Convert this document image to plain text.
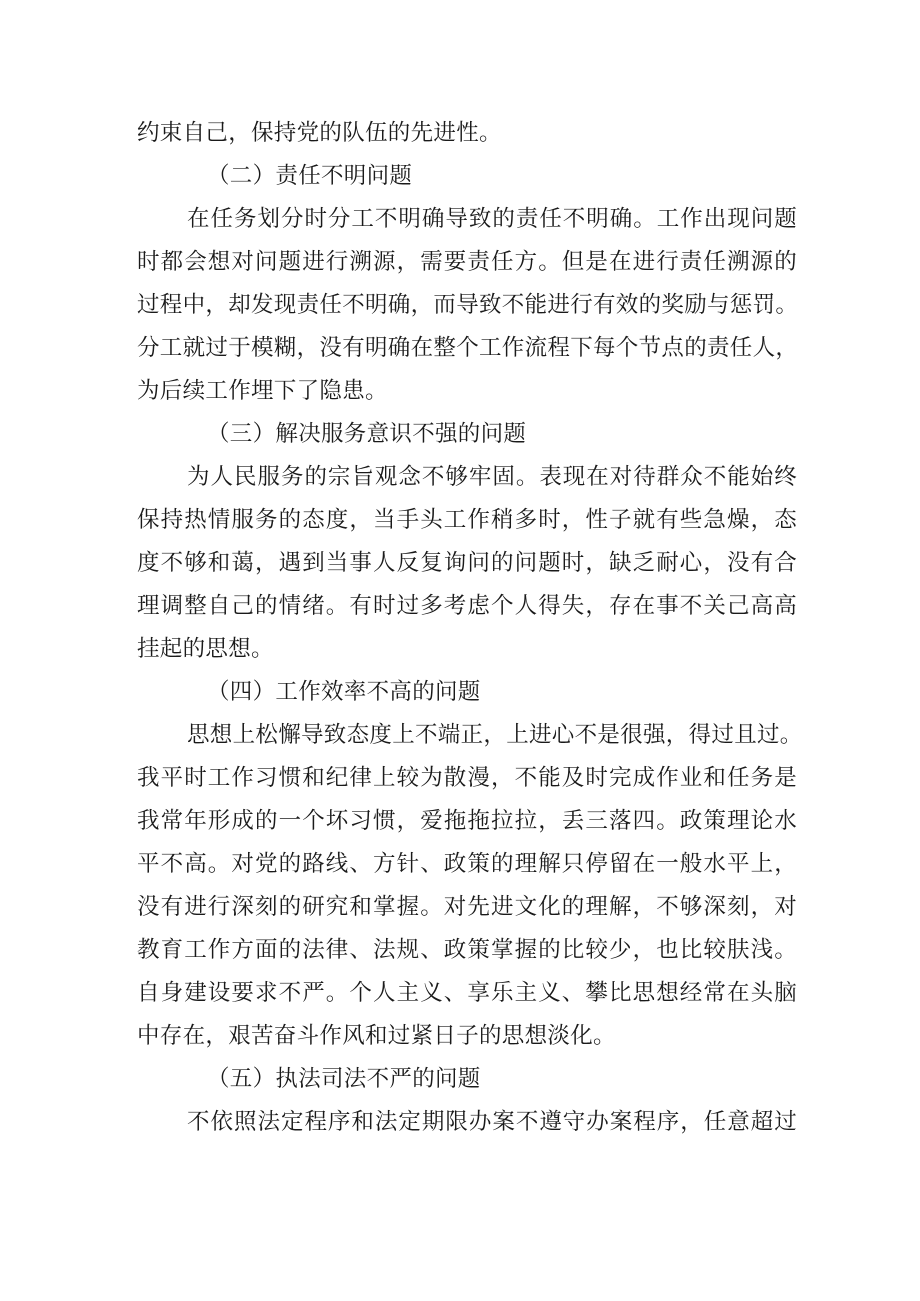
约束自己，保持党的队伍的先进性。
（二）责任不明问题
在任务划分时分工不明确导致的责任不明确。工作出现问题
时都会想对问题进行溯源，需要责任方。但是在进行责任溯源的
过程中，却发现责任不明确，而导致不能进行有效的奖励与惩罚。
分工就过于模糊，没有明确在整个工作流程下每个节点的责任人，
为后续工作埋下了隐患。
（三）解决服务意识不强的问题
为人民服务的宗旨观念不够牢固。表现在对待群众不能始终
保持热情服务的态度，当手头工作稍多时，性子就有些急燥，态
度不够和蔼，遇到当事人反复询问的问题时，缺乏耐心，没有合
理调整自己的情绪。有时过多考虑个人得失，存在事不关己高高
挂起的思想。
（四）工作效率不高的问题
思想上松懈导致态度上不端正，上进心不是很强，得过且过。
我平时工作习惯和纪律上较为散漫，不能及时完成作业和任务是
我常年形成的一个坏习惯，爱拖拖拉拉，丢三落四。政策理论水
平不高。对党的路线、方针、政策的理解只停留在一般水平上，
没有进行深刻的研究和掌握。对先进文化的理解，不够深刻，对
教育工作方面的法律、法规、政策掌握的比较少，也比较肤浅。
自身建设要求不严。个人主义、享乐主义、攀比思想经常在头脑
中存在，艰苦奋斗作风和过紧日子的思想淡化。
（五）执法司法不严的问题
不依照法定程序和法定期限办案不遵守办案程序，任意超过
